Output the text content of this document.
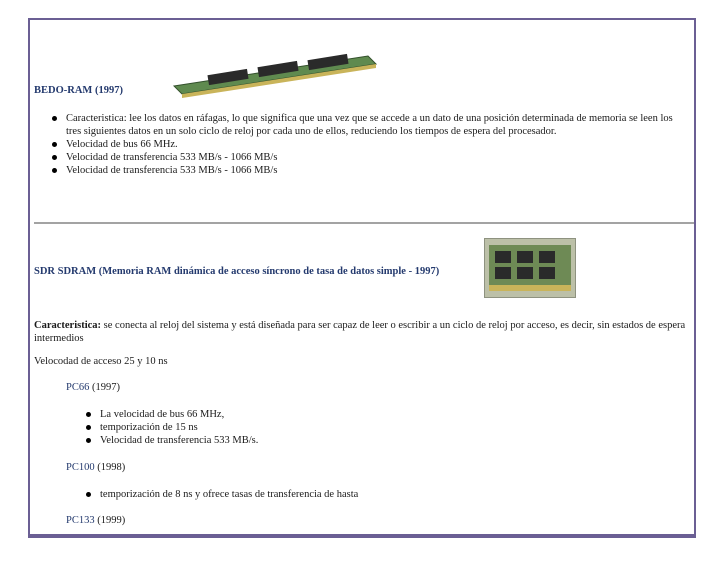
BEDO-RAM (1997)
Caracteristica: lee los datos en ráfagas, lo que significa que una vez que se accede a un dato de una posición determinada de memoria se leen los tres siguientes datos en un solo ciclo de reloj por cada uno de ellos, reduciendo los tiempos de espera del procesador.
Velocidad de bus 66 MHz.
Velocidad de transferencia 533 MB/s - 1066 MB/s
Velocidad de transferencia 533 MB/s - 1066 MB/s
SDR SDRAM (Memoria RAM dinámica de acceso síncrono de tasa de datos simple - 1997)
Caracteristica: se conecta al reloj del sistema y está diseñada para ser capaz de leer o escribir a un ciclo de reloj por acceso, es decir, sin estados de espera intermedios
Velocodad de acceso 25 y 10 ns
PC66 (1997)
La velocidad de bus 66 MHz,
temporización de 15 ns
Velocidad de transferencia 533 MB/s.
PC100 (1998)
temporización de 8 ns y ofrece tasas de transferencia de hasta
PC133 (1999)
